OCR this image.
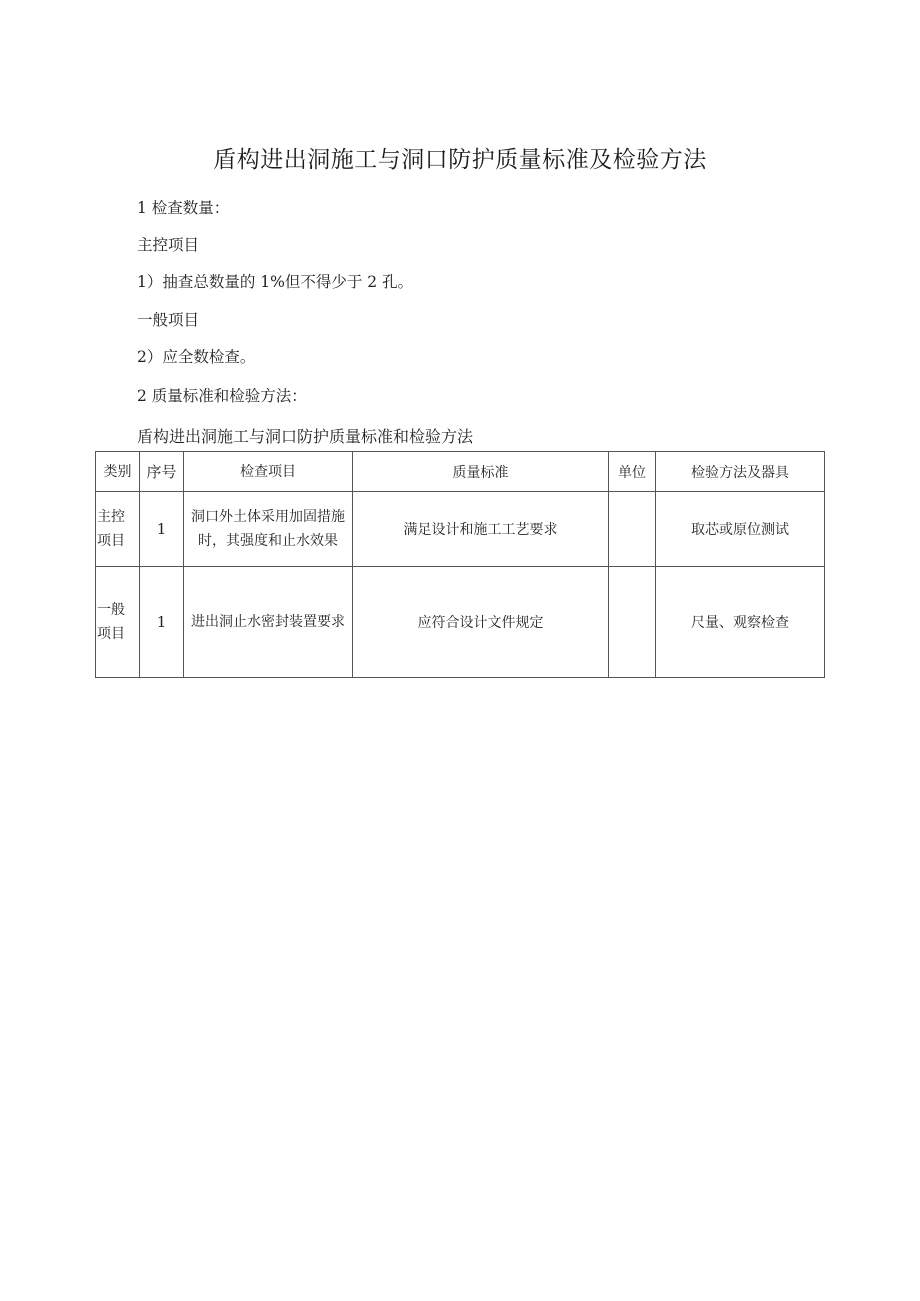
盾构进出洞施工与洞口防护质量标准及检验方法
1 检查数量：
主控项目
1）抽查总数量的 1%但不得少于 2 孔。
一般项目
2）应全数检查。
2 质量标准和检验方法：
盾构进出洞施工与洞口防护质量标准和检验方法
类别	序号	检查项目	质量标准	单位	检验方法及器具

主控项目	1	洞口外土体采用加固措施时，其强度和止水效果	满足设计和施工工艺要求		取芯或原位测试

一般项目	1	进出洞止水密封装置要求	应符合设计文件规定		尺量、观察检查
